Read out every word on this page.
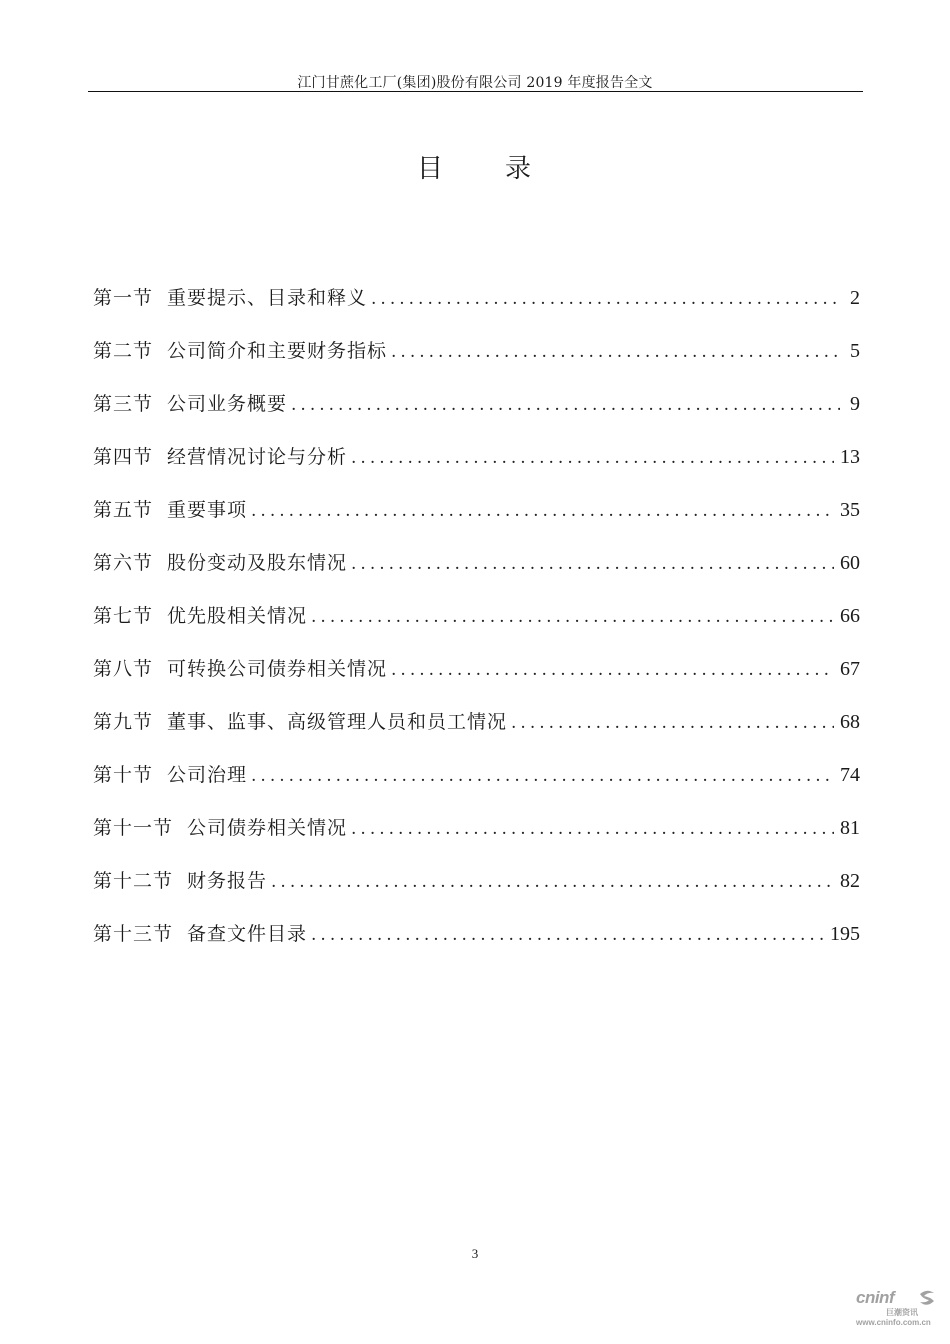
江门甘蔗化工厂(集团)股份有限公司 2019 年度报告全文
目 录
第一节 重要提示、目录和释义 .....	2
第二节 公司简介和主要财务指标 .....	5
第三节 公司业务概要 .....	9
第四节 经营情况讨论与分析 .....	13
第五节 重要事项 .....	35
第六节 股份变动及股东情况 .....	60
第七节 优先股相关情况 .....	66
第八节 可转换公司债券相关情况 .....	67
第九节 董事、监事、高级管理人员和员工情况 .....	68
第十节 公司治理 .....	74
第十一节 公司债券相关情况 .....	81
第十二节 财务报告 .....	82
第十三节 备查文件目录 .....	195
3
cninf
巨潮资讯
www.cninfo.com.cn
